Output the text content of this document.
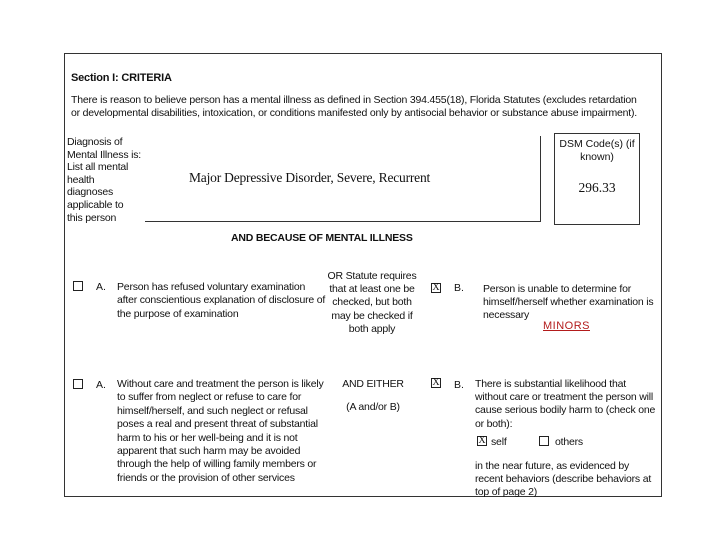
Section I: CRITERIA
There is reason to believe person has a mental illness as defined in Section 394.455(18), Florida Statutes (excludes retardation or developmental disabilities, intoxication, or conditions manifested only by antisocial behavior or substance abuse impairment).
Diagnosis of Mental Illness is: List all mental health diagnoses applicable to this person
Major Depressive Disorder, Severe, Recurrent
DSM Code(s) (if known)
296.33
AND BECAUSE OF MENTAL ILLNESS
A. Person has refused voluntary examination after conscientious explanation of disclosure of the purpose of examination
OR Statute requires that at least one be checked, but both may be checked if both apply
X B. Person is unable to determine for himself/herself whether examination is necessary
MINORS
A. Without care and treatment the person is likely to suffer from neglect or refuse to care for himself/herself, and such neglect or refusal poses a real and present threat of substantial harm to his or her well-being and it is not apparent that such harm may be avoided through the help of willing family members or friends or the provision of other services
AND EITHER
(A and/or B)
X B. There is substantial likelihood that without care or treatment the person will cause serious bodily harm to (check one or both):
X self	others
in the near future, as evidenced by recent behaviors (describe behaviors at top of page 2)
